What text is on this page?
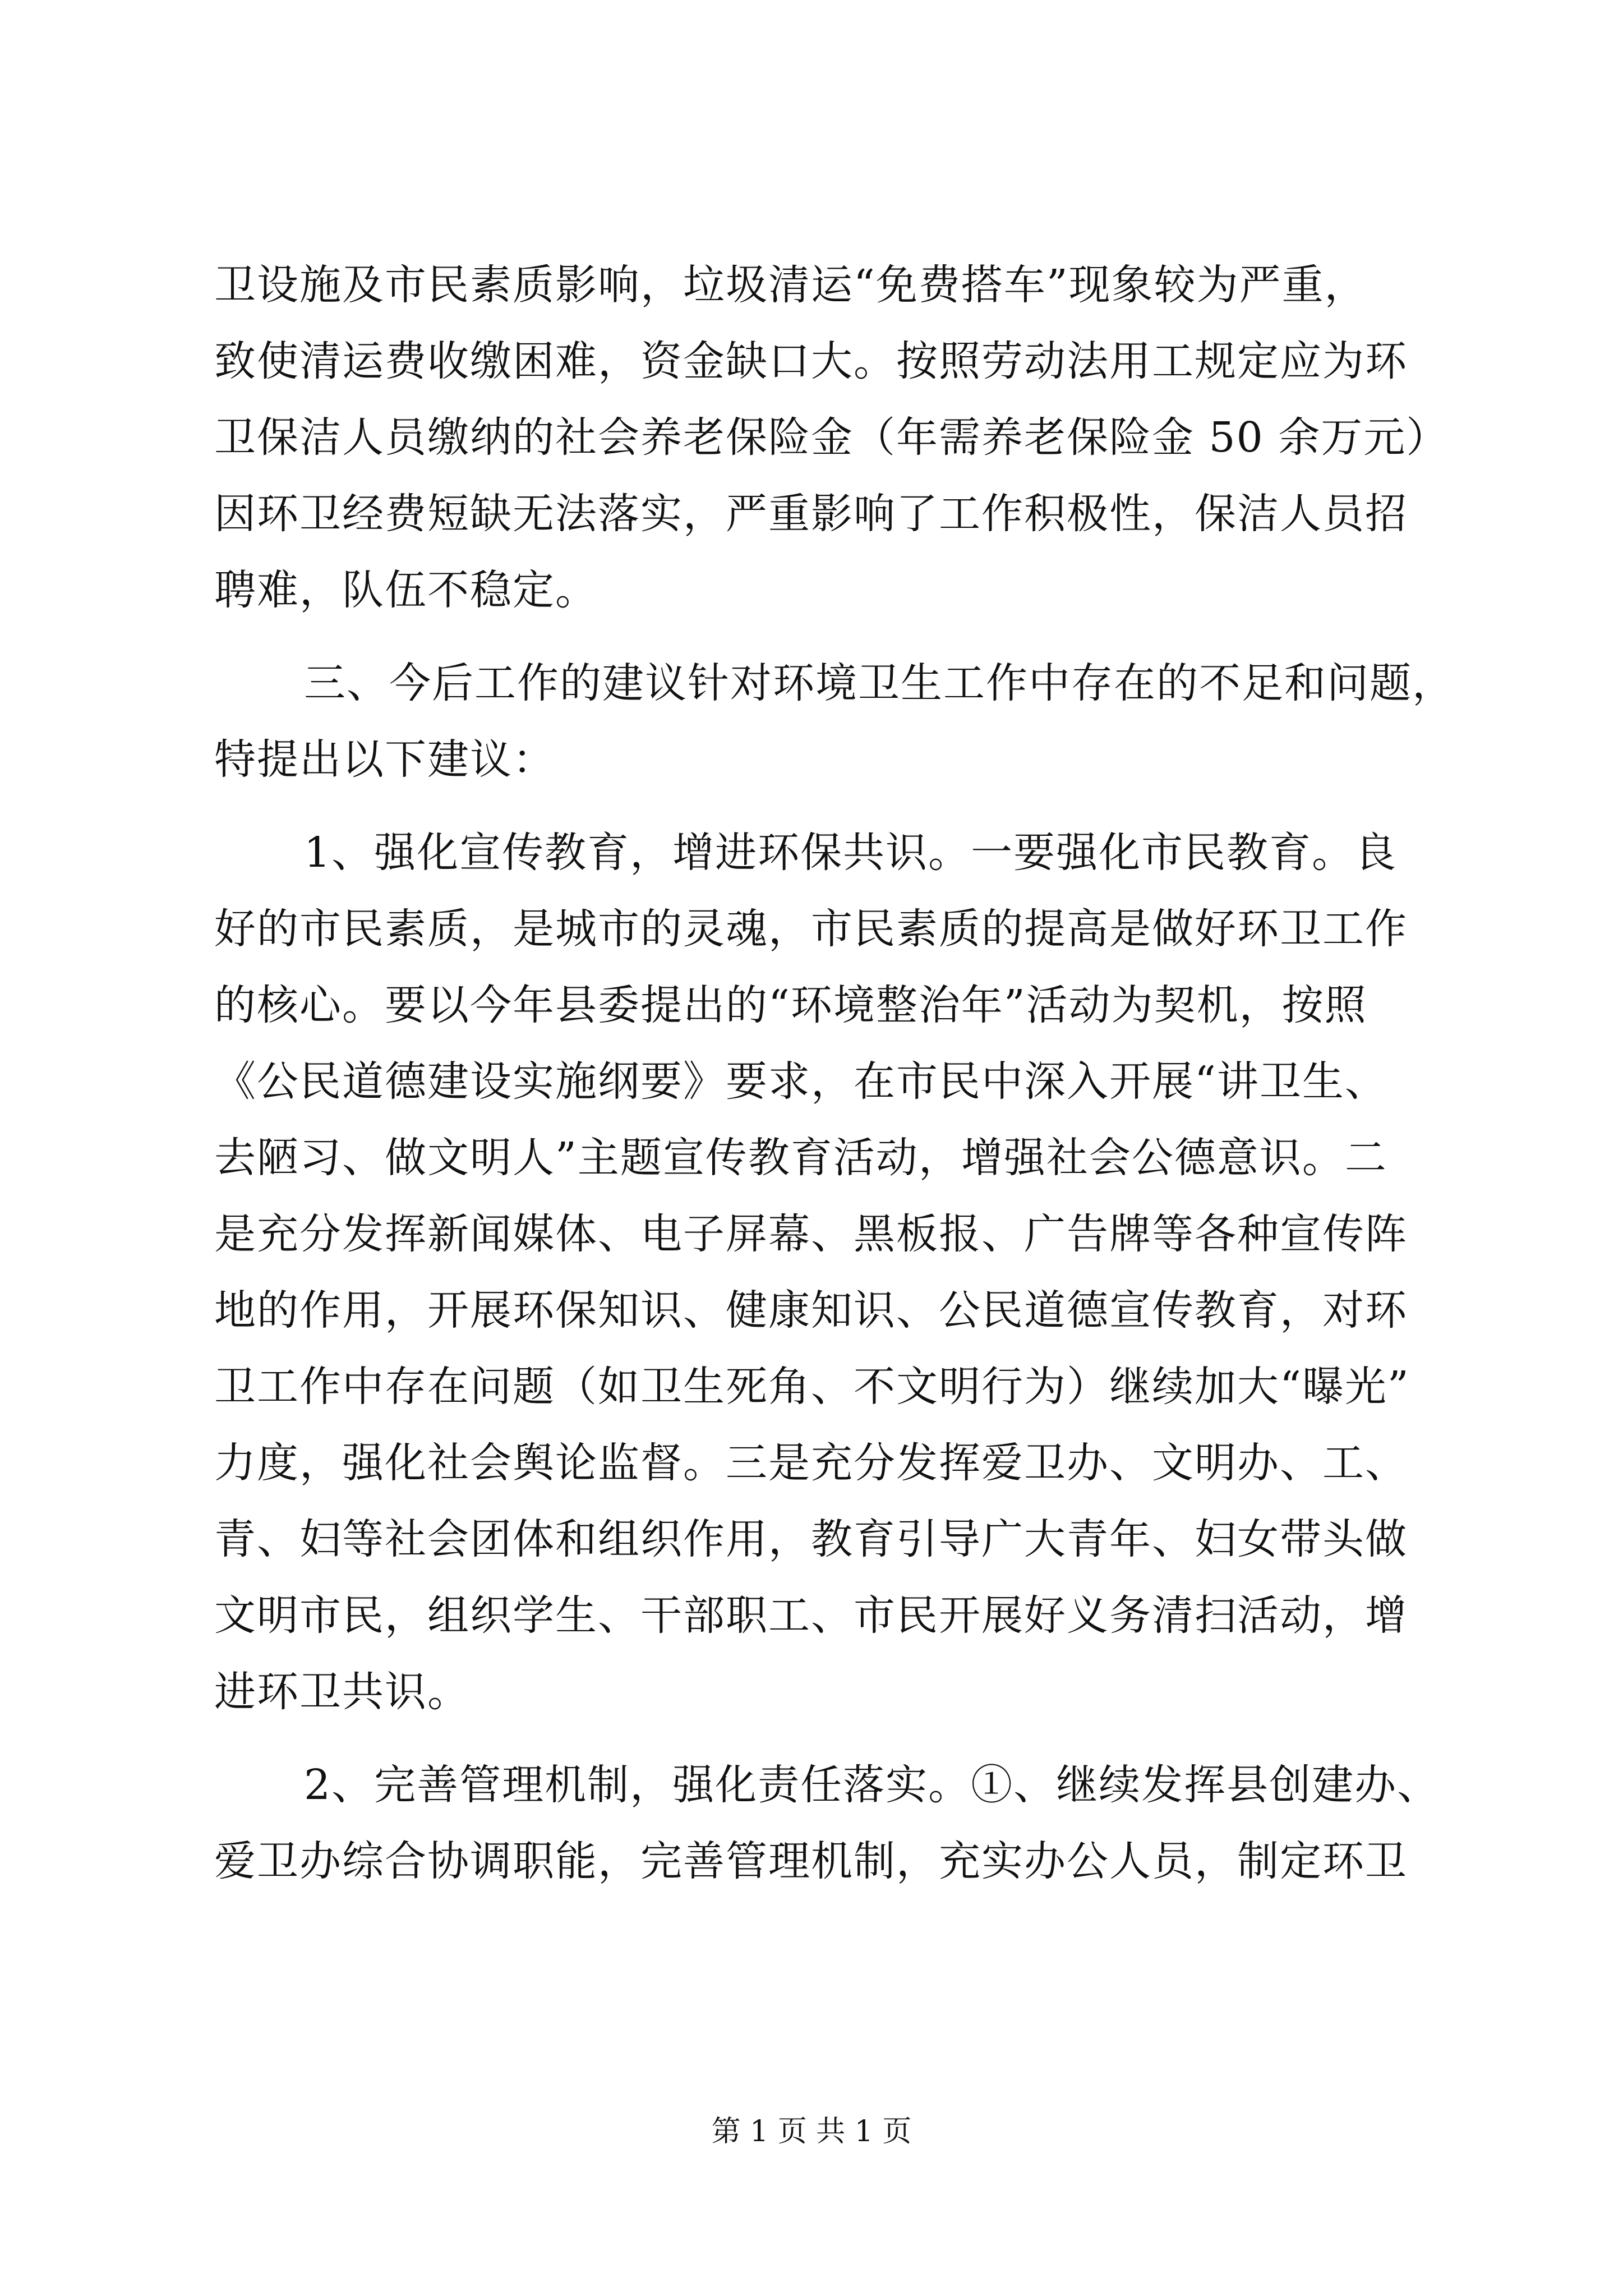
卫设施及市民素质影响，垃圾清运“免费搭车”现象较为严重，
致使清运费收缴困难，资金缺口大。按照劳动法用工规定应为环
卫保洁人员缴纳的社会养老保险金（年需养老保险金 50 余万元）
因环卫经费短缺无法落实，严重影响了工作积极性，保洁人员招
聘难，队伍不稳定。
三、今后工作的建议针对环境卫生工作中存在的不足和问题，
特提出以下建议：
1、强化宣传教育，增进环保共识。一要强化市民教育。良
好的市民素质，是城市的灵魂，市民素质的提高是做好环卫工作
的核心。要以今年县委提出的“环境整治年”活动为契机，按照
《公民道德建设实施纲要》要求，在市民中深入开展“讲卫生、
去陋习、做文明人”主题宣传教育活动，增强社会公德意识。二
是充分发挥新闻媒体、电子屏幕、黑板报、广告牌等各种宣传阵
地的作用，开展环保知识、健康知识、公民道德宣传教育，对环
卫工作中存在问题（如卫生死角、不文明行为）继续加大“曝光”
力度，强化社会舆论监督。三是充分发挥爱卫办、文明办、工、
青、妇等社会团体和组织作用，教育引导广大青年、妇女带头做
文明市民，组织学生、干部职工、市民开展好义务清扫活动，增
进环卫共识。
2、完善管理机制，强化责任落实。①、继续发挥县创建办、
爱卫办综合协调职能，完善管理机制，充实办公人员，制定环卫
第 1 页 共 1 页
